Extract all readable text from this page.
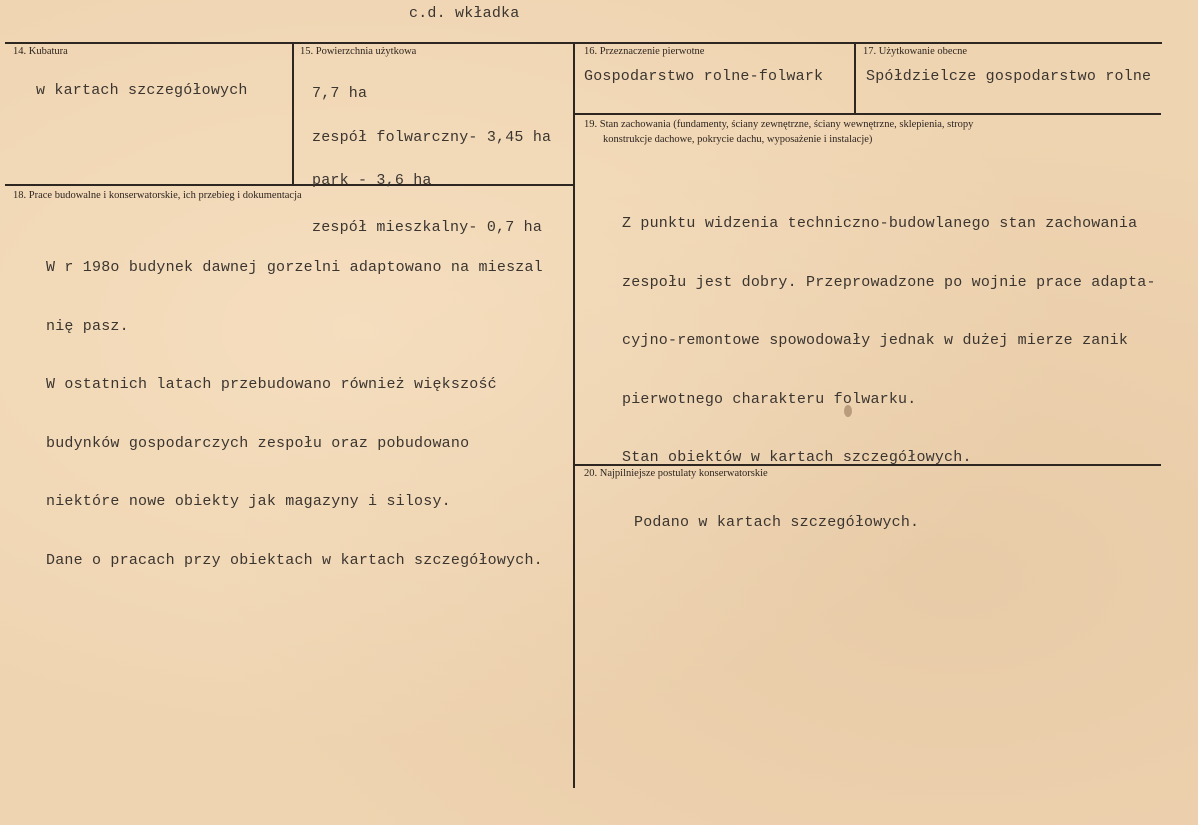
c.d. wkładka
14. Kubatura
w kartach szczegółowych
15. Powierzchnia użytkowa

7,7 ha

zespół folwarczny- 3,45 ha

park - 3,6 ha

zespół mieszkalny- 0,7 ha

16. Przeznaczenie pierwotne
Gospodarstwo rolne-folwark
17. Użytkowanie obecne
Spółdzielcze gospodarstwo rolne
19. Stan zachowania (fundamenty, ściany zewnętrzne, ściany wewnętrzne, sklepienia, stropy
konstrukcje dachowe, pokrycie dachu, wyposażenie i instalacje)

Z punktu widzenia techniczno-budowlanego stan zachowania

zespołu jest dobry. Przeprowadzone po wojnie prace adapta-

cyjno-remontowe spowodowały jednak w dużej mierze zanik

pierwotnego charakteru folwarku.

Stan obiektów w kartach szczegółowych.

18. Prace budowalne i konserwatorskie, ich przebieg i dokumentacja

W r 198o budynek dawnej gorzelni adaptowano na mieszal

nię pasz.

W ostatnich latach przebudowano również większość

budynków gospodarczych zespołu oraz pobudowano

niektóre nowe obiekty jak magazyny i silosy.

Dane o pracach przy obiektach w kartach szczegółowych.

20. Najpilniejsze postulaty konserwatorskie
Podano w kartach szczegółowych.
